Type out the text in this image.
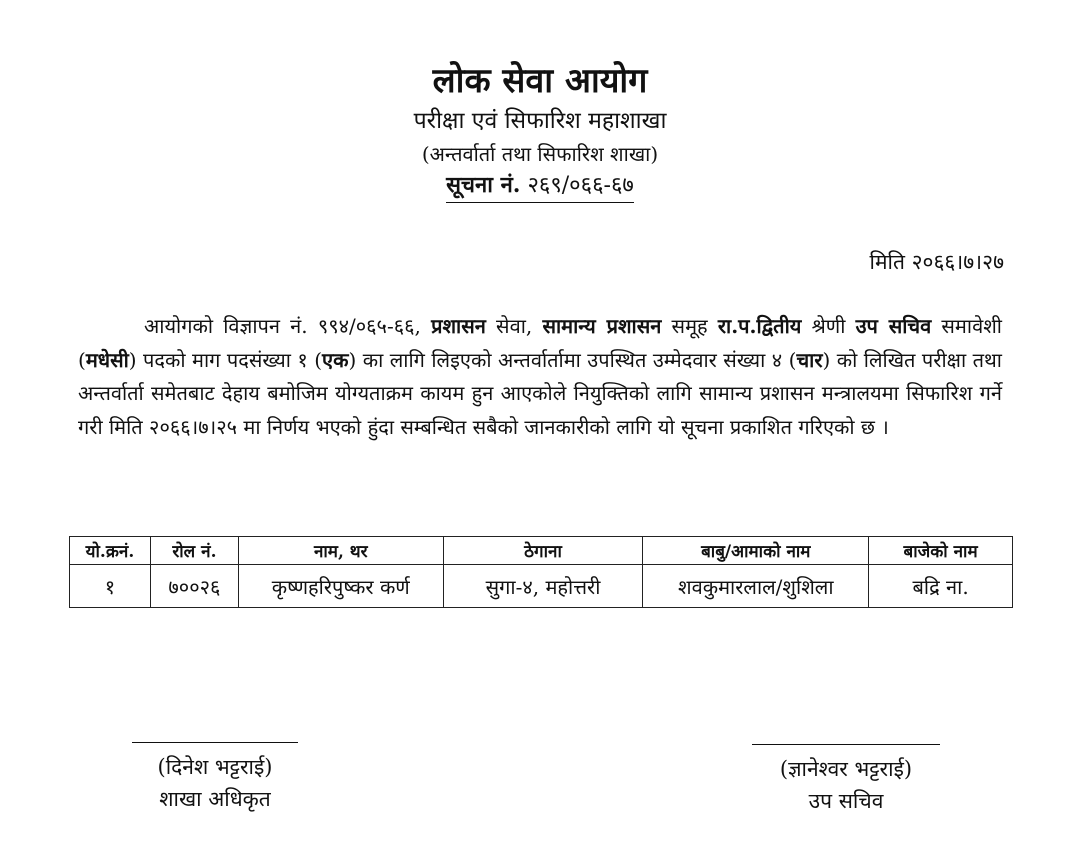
लोक सेवा आयोग
परीक्षा एवं सिफारिश महाशाखा
(अन्तर्वार्ता तथा सिफारिश शाखा)
सूचना नं. २६९/०६६-६७
मिति २०६६।७।२७
आयोगको विज्ञापन नं. ९९४/०६५-६६, प्रशासन सेवा, सामान्य प्रशासन समूह रा.प.द्वितीय श्रेणी उप सचिव समावेशी (मधेसी) पदको माग पदसंख्या १ (एक) का लागि लिइएको अन्तर्वार्तामा उपस्थित उम्मेदवार संख्या ४ (चार) को लिखित परीक्षा तथा अन्तर्वार्ता समेतबाट देहाय बमोजिम योग्यताक्रम कायम हुन आएकोले नियुक्तिको लागि सामान्य प्रशासन मन्त्रालयमा सिफारिश गर्ने गरी मिति २०६६।७।२५ मा निर्णय भएको हुंदा सम्बन्धित सबैको जानकारीको लागि यो सूचना प्रकाशित गरिएको छ ।
यो.क्रनं.	रोल नं.	नाम, थर	ठेगाना	बाबु/आमाको नाम	बाजेको नाम
१	७००२६	कृष्णहरिपुष्कर कर्ण	सुगा-४, महोत्तरी	शवकुमारलाल/शुशिला	बद्रि ना.
(दिनेश भट्टराई)
शाखा अधिकृत
(ज्ञानेश्वर भट्टराई)
उप सचिव
